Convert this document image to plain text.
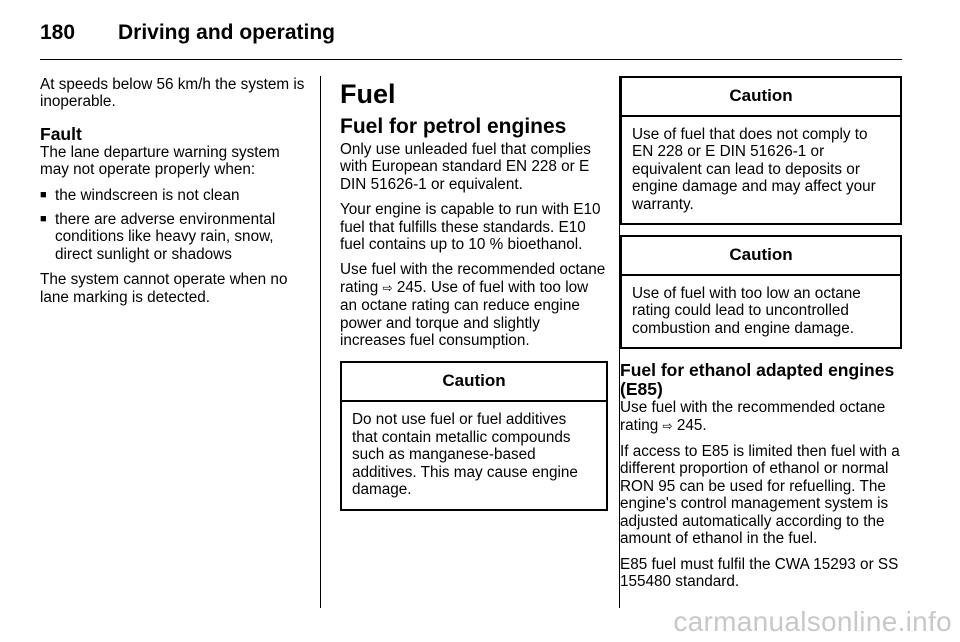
180 Driving and operating

At speeds below 56 km/h the system is inoperable.

Fault

The lane departure warning system may not operate properly when:

■ the windscreen is not clean
■ there are adverse environmental conditions like heavy rain, snow, direct sunlight or shadows

The system cannot operate when no lane marking is detected.

Fuel
Fuel for petrol engines

Only use unleaded fuel that complies with European standard EN 228 or E DIN 51626-1 or equivalent.

Your engine is capable to run with E10 fuel that fulfills these standards. E10 fuel contains up to 10 % bioethanol.

Use fuel with the recommended octane rating ⇨ 245. Use of fuel with too low an octane rating can reduce engine power and torque and slightly increases fuel consumption.

Caution
Do not use fuel or fuel additives that contain metallic compounds such as manganese-based additives. This may cause engine damage.
Caution
Use of fuel that does not comply to EN 228 or E DIN 51626-1 or equivalent can lead to deposits or engine damage and may affect your warranty.
Caution
Use of fuel with too low an octane rating could lead to uncontrolled combustion and engine damage.
Fuel for ethanol adapted engines (E85)

Use fuel with the recommended octane rating ⇨ 245.

If access to E85 is limited then fuel with a different proportion of ethanol or normal RON 95 can be used for refuelling. The engine's control management system is adjusted automatically according to the amount of ethanol in the fuel.

E85 fuel must fulfil the CWA 15293 or SS 155480 standard.

carmanualsonline.info
